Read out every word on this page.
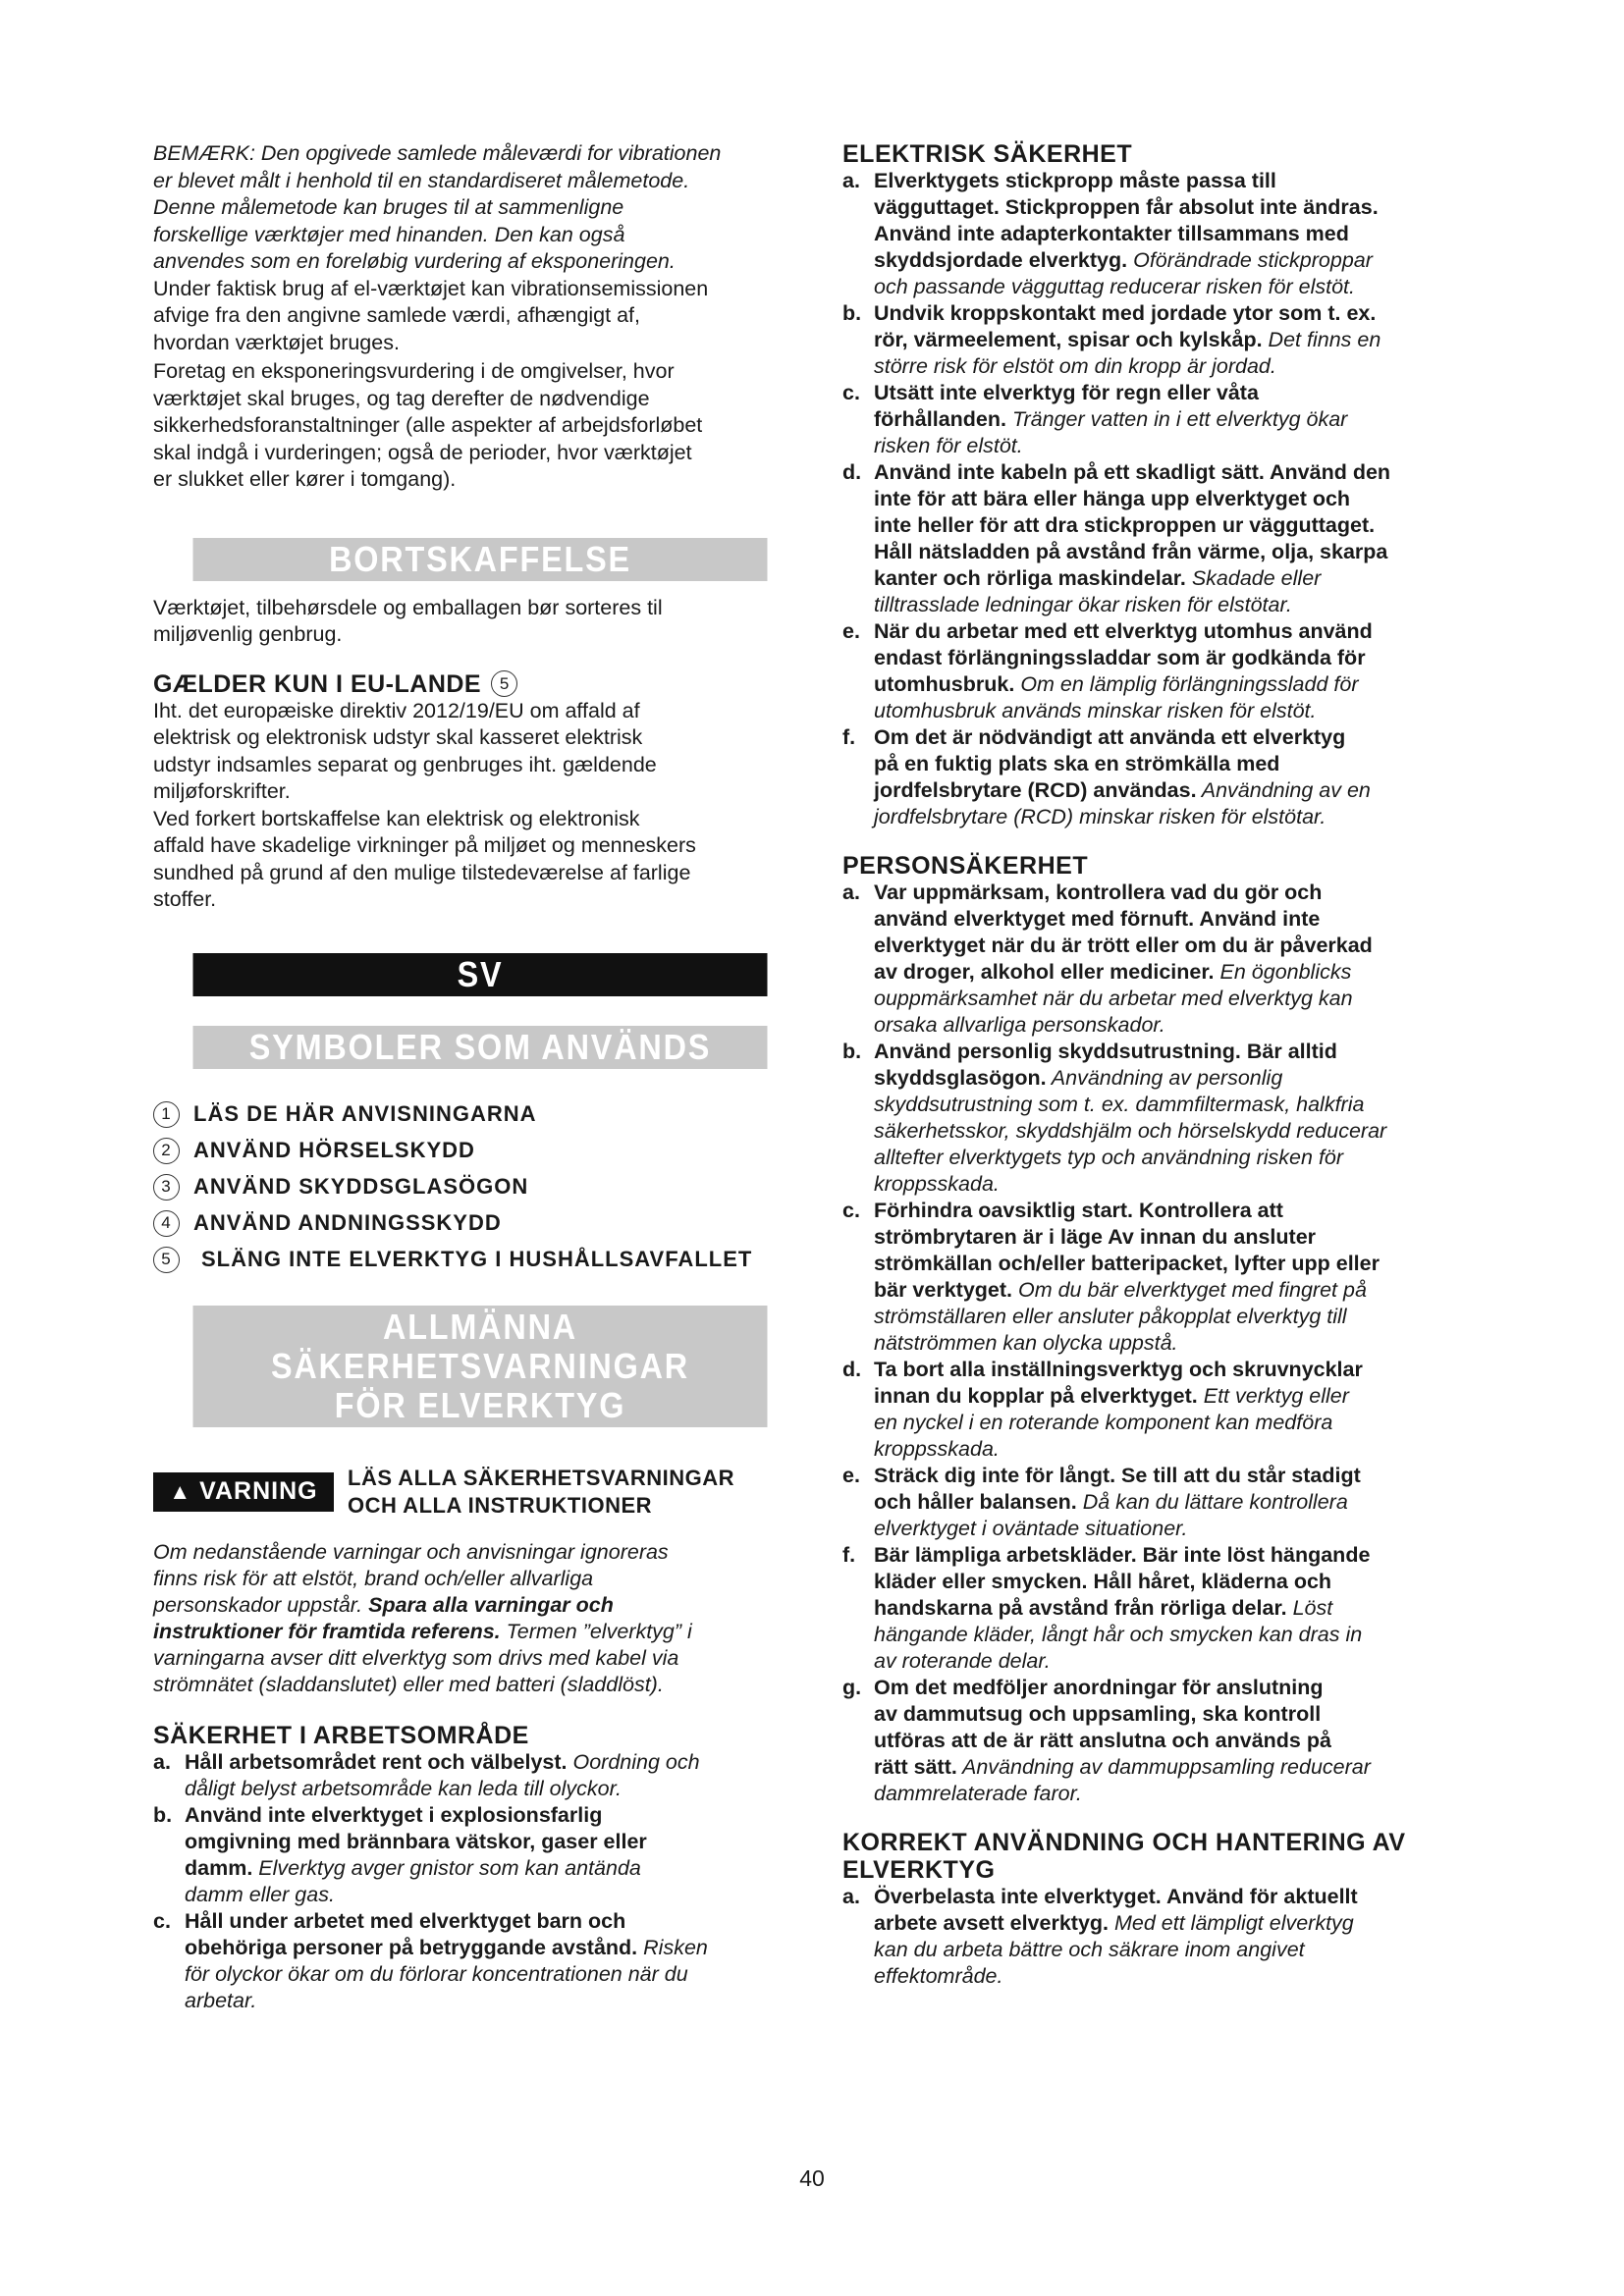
BEMÆRK: Den opgivede samlede måleværdi for vibrationen
er blevet målt i henhold til en standardiseret målemetode.
Denne målemetode kan bruges til at sammenligne
forskellige værktøjer med hinanden. Den kan også
anvendes som en foreløbig vurdering af eksponeringen.
Under faktisk brug af el-værktøjet kan vibrationsemissionen
afvige fra den angivne samlede værdi, afhængigt af,
hvordan værktøjet bruges.
Foretag en eksponeringsvurdering i de omgivelser, hvor
værktøjet skal bruges, og tag derefter de nødvendige
sikkerhedsforanstaltninger (alle aspekter af arbejdsforløbet
skal indgå i vurderingen; også de perioder, hvor værktøjet
er slukket eller kører i tomgang).
BORTSKAFFELSE
Værktøjet, tilbehørsdele og emballagen bør sorteres til
miljøvenlig genbrug.
GÆLDER KUN I EU-LANDE	5
Iht. det europæiske direktiv 2012/19/EU om affald af
elektrisk og elektronisk udstyr skal kasseret elektrisk
udstyr indsamles separat og genbruges iht. gældende
miljøforskrifter.
Ved forkert bortskaffelse kan elektrisk og elektronisk
affald have skadelige virkninger på miljøet og menneskers
sundhed på grund af den mulige tilstedeværelse af farlige
stoffer.
SV
SYMBOLER SOM ANVÄNDS
1	LÄS DE HÄR ANVISNINGARNA
2	ANVÄND HÖRSELSKYDD
3	ANVÄND SKYDDSGLASÖGON
4	ANVÄND ANDNINGSSKYDD
5	SLÄNG INTE ELVERKTYG I HUSHÅLLSAVFALLET
ALLMÄNNA SÄKERHETSVARNINGAR
FÖR ELVERKTYG
▲ VARNING LÄS ALLA SÄKERHETSVARNINGAR
OCH ALLA INSTRUKTIONER
Om nedanstående varningar och anvisningar ignoreras
finns risk för att elstöt, brand och/eller allvarliga
personskador uppstår. Spara alla varningar och
instruktioner för framtida referens. Termen ”elverktyg” i
varningarna avser ditt elverktyg som drivs med kabel via
strömnätet (sladdanslutet) eller med batteri (sladdlöst).
SÄKERHET I ARBETSOMRÅDE
a. Håll arbetsområdet rent och välbelyst. Oordning och
dåligt belyst arbetsområde kan leda till olyckor.
b. Använd inte elverktyget i explosionsfarlig
omgivning med brännbara vätskor, gaser eller
damm. Elverktyg avger gnistor som kan antända
damm eller gas.
c. Håll under arbetet med elverktyget barn och
obehöriga personer på betryggande avstånd. Risken
för olyckor ökar om du förlorar koncentrationen när du
arbetar.
ELEKTRISK SÄKERHET
a. Elverktygets stickpropp måste passa till
vägguttaget. Stickproppen får absolut inte ändras.
Använd inte adapterkontakter tillsammans med
skyddsjordade elverktyg. Oförändrade stickproppar
och passande vägguttag reducerar risken för elstöt.
b. Undvik kroppskontakt med jordade ytor som t. ex.
rör, värmeelement, spisar och kylskåp. Det finns en
större risk för elstöt om din kropp är jordad.
c. Utsätt inte elverktyg för regn eller våta
förhållanden. Tränger vatten in i ett elverktyg ökar
risken för elstöt.
d. Använd inte kabeln på ett skadligt sätt. Använd den
inte för att bära eller hänga upp elverktyget och
inte heller för att dra stickproppen ur vägguttaget.
Håll nätsladden på avstånd från värme, olja, skarpa
kanter och rörliga maskindelar. Skadade eller
tilltrasslade ledningar ökar risken för elstötar.
e. När du arbetar med ett elverktyg utomhus använd
endast förlängningssladdar som är godkända för
utomhusbruk. Om en lämplig förlängningssladd för
utomhusbruk används minskar risken för elstöt.
f. Om det är nödvändigt att använda ett elverktyg
på en fuktig plats ska en strömkälla med
jordfelsbrytare (RCD) användas. Användning av en
jordfelsbrytare (RCD) minskar risken för elstötar.
PERSONSÄKERHET
a. Var uppmärksam, kontrollera vad du gör och
använd elverktyget med förnuft. Använd inte
elverktyget när du är trött eller om du är påverkad
av droger, alkohol eller mediciner. En ögonblicks
ouppmärksamhet när du arbetar med elverktyg kan
orsaka allvarliga personskador.
b. Använd personlig skyddsutrustning. Bär alltid
skyddsglasögon. Användning av personlig
skyddsutrustning som t. ex. dammfiltermask, halkfria
säkerhetsskor, skyddshjälm och hörselskydd reducerar
alltefter elverktygets typ och användning risken för
kroppsskada.
c. Förhindra oavsiktlig start. Kontrollera att
strömbrytaren är i läge Av innan du ansluter
strömkällan och/eller batteripacket, lyfter upp eller
bär verktyget. Om du bär elverktyget med fingret på
strömställaren eller ansluter påkopplat elverktyg till
nätströmmen kan olycka uppstå.
d. Ta bort alla inställningsverktyg och skruvnycklar
innan du kopplar på elverktyget. Ett verktyg eller
en nyckel i en roterande komponent kan medföra
kroppsskada.
e. Sträck dig inte för långt. Se till att du står stadigt
och håller balansen. Då kan du lättare kontrollera
elverktyget i oväntade situationer.
f. Bär lämpliga arbetskläder. Bär inte löst hängande
kläder eller smycken. Håll håret, kläderna och
handskarna på avstånd från rörliga delar. Löst
hängande kläder, långt hår och smycken kan dras in
av roterande delar.
g. Om det medföljer anordningar för anslutning
av dammutsug och uppsamling, ska kontroll
utföras att de är rätt anslutna och används på
rätt sätt. Användning av dammuppsamling reducerar
dammrelaterade faror.
KORREKT ANVÄNDNING OCH HANTERING AV
ELVERKTYG
a. Överbelasta inte elverktyget. Använd för aktuellt
arbete avsett elverktyg. Med ett lämpligt elverktyg
kan du arbeta bättre och säkrare inom angivet
effektområde.
40
